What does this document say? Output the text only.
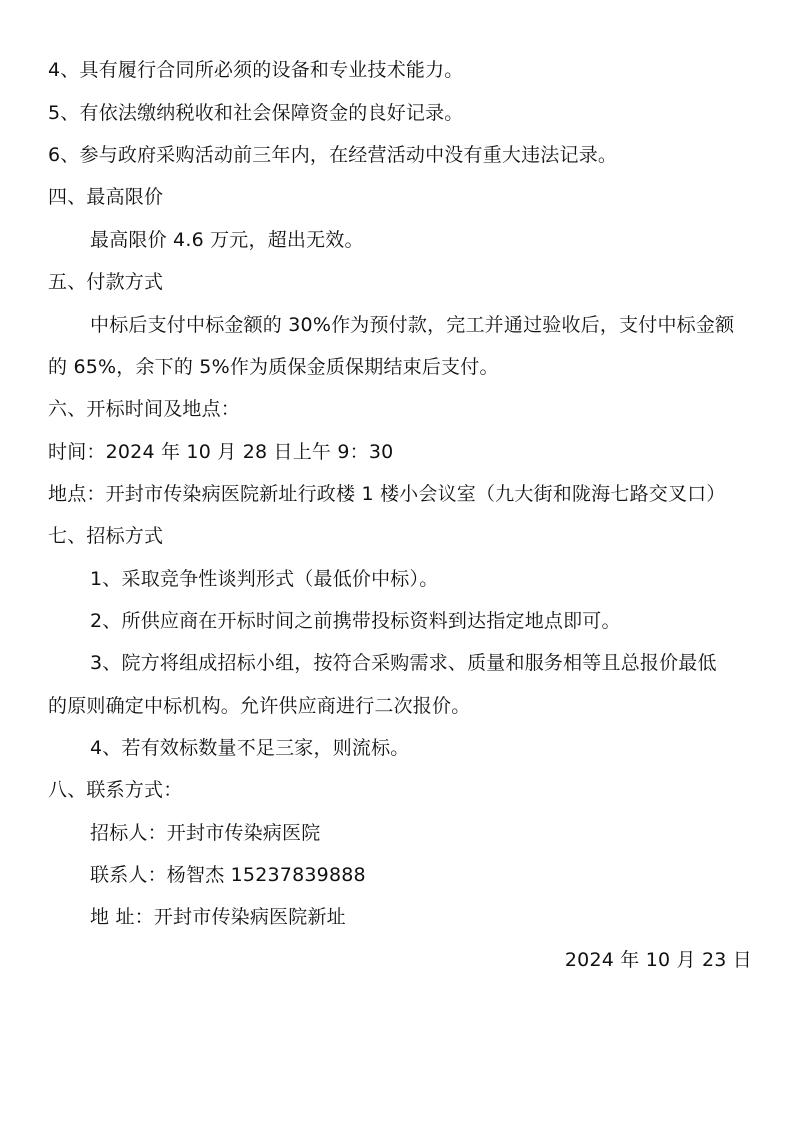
4、具有履行合同所必须的设备和专业技术能力。
5、有依法缴纳税收和社会保障资金的良好记录。
6、参与政府采购活动前三年内，在经营活动中没有重大违法记录。
四、最高限价
最高限价 4.6 万元，超出无效。
五、付款方式
中标后支付中标金额的 30%作为预付款，完工并通过验收后，支付中标金额
的 65%，余下的 5%作为质保金质保期结束后支付。
六、开标时间及地点：
时间：2024 年 10 月 28 日上午 9：30
地点：开封市传染病医院新址行政楼 1 楼小会议室（九大街和陇海七路交叉口）
七、招标方式
1、采取竞争性谈判形式（最低价中标）。
2、所供应商在开标时间之前携带投标资料到达指定地点即可。
3、院方将组成招标小组，按符合采购需求、质量和服务相等且总报价最低
的原则确定中标机构。允许供应商进行二次报价。
4、若有效标数量不足三家，则流标。
八、联系方式：
招标人：开封市传染病医院
联系人：杨智杰 15237839888
地 址：开封市传染病医院新址
2024 年 10 月 23 日
